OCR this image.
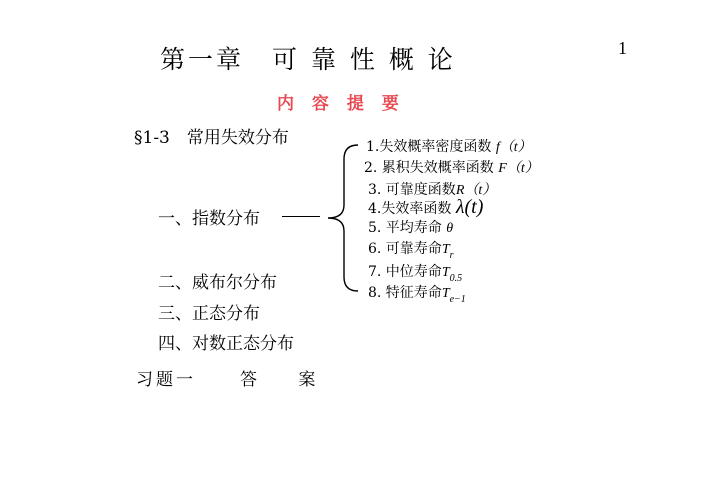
第一章　可 靠 性 概 论	1
内 容 提 要
§1-3　常用失效分布
一、指数分布
1.失效概率密度函数 f（t）
2. 累积失效概率函数 F（t）
3. 可靠度函数R（t）
4.失效率函数 λ(t)
5. 平均寿命 θ
6. 可靠寿命$T_r$
7. 中位寿命$T_{0.5}$
8. 特征寿命$T_{e-1}$
二、威布尔分布
三、正态分布
四、对数正态分布
习题一	答 案
